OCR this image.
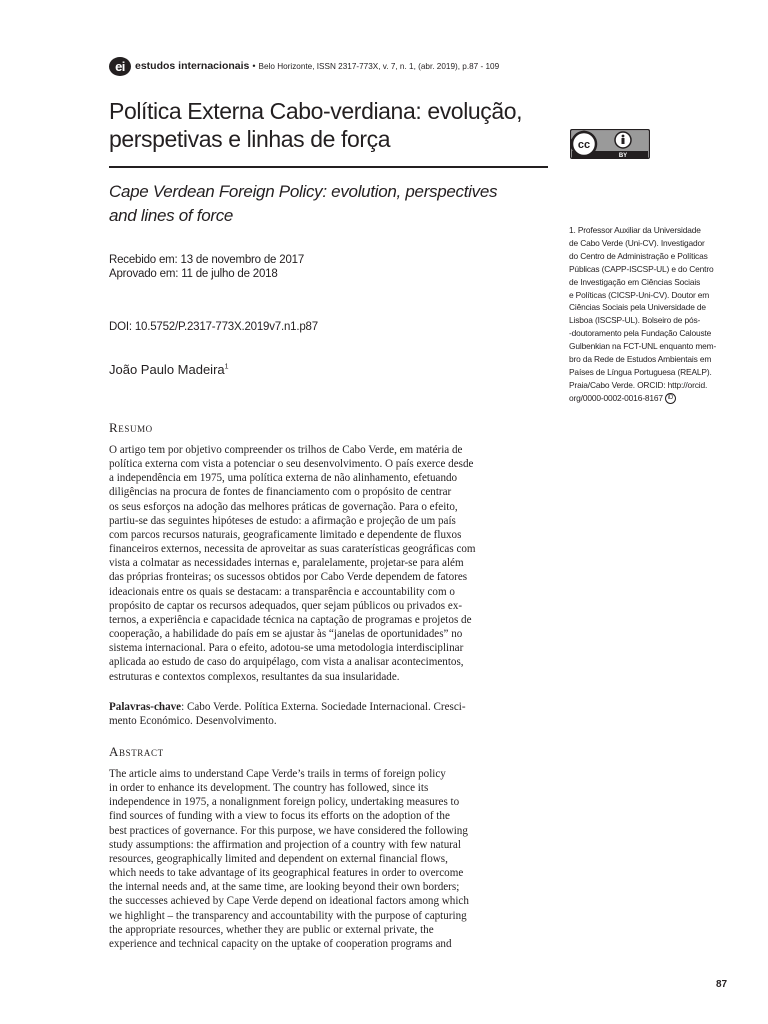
ei estudos internacionais • Belo Horizonte, ISSN 2317-773X, v. 7, n. 1, (abr. 2019), p.87 - 109
Política Externa Cabo-verdiana: evolução,
perspetivas e linhas de força	cc
BY
Cape Verdean Foreign Policy: evolution, perspectives
and lines of force
Recebido em: 13 de novembro de 2017
Aprovado em: 11 de julho de 2018
DOI: 10.5752/P.2317-773X.2019v7.n1.p87
João Paulo Madeira$^1$
1. Professor Auxiliar da Universidade
de Cabo Verde (Uni-CV). Investigador
do Centro de Administração e Políticas
Públicas (CAPP-ISCSP-UL) e do Centro
de Investigação em Ciências Sociais
e Políticas (CICSP-Uni-CV). Doutor em
Ciências Sociais pela Universidade de
Lisboa (ISCSP-UL). Bolseiro de pós-
-doutoramento pela Fundação Calouste
Gulbenkian na FCT-UNL enquanto mem-
bro da Rede de Estudos Ambientais em
Países de Língua Portuguesa (REALP).
Praia/Cabo Verde. ORCID: http://orcid.
org/0000-0002-0016-8167 iD
Resumo
O artigo tem por objetivo compreender os trilhos de Cabo Verde, em matéria de
política externa com vista a potenciar o seu desenvolvimento. O país exerce desde
a independência em 1975, uma política externa de não alinhamento, efetuando
diligências na procura de fontes de financiamento com o propósito de centrar
os seus esforços na adoção das melhores práticas de governação. Para o efeito,
partiu-se das seguintes hipóteses de estudo: a afirmação e projeção de um país
com parcos recursos naturais, geograficamente limitado e dependente de fluxos
financeiros externos, necessita de aproveitar as suas caraterísticas geográficas com
vista a colmatar as necessidades internas e, paralelamente, projetar-se para além
das próprias fronteiras; os sucessos obtidos por Cabo Verde dependem de fatores
ideacionais entre os quais se destacam: a transparência e accountability com o
propósito de captar os recursos adequados, quer sejam públicos ou privados ex-
ternos, a experiência e capacidade técnica na captação de programas e projetos de
cooperação, a habilidade do país em se ajustar às “janelas de oportunidades” no
sistema internacional. Para o efeito, adotou-se uma metodologia interdisciplinar
aplicada ao estudo de caso do arquipélago, com vista a analisar acontecimentos,
estruturas e contextos complexos, resultantes da sua insularidade.
Palavras-chave: Cabo Verde. Política Externa. Sociedade Internacional. Cresci-
mento Económico. Desenvolvimento.
Abstract
The article aims to understand Cape Verde’s trails in terms of foreign policy
in order to enhance its development. The country has followed, since its
independence in 1975, a nonalignment foreign policy, undertaking measures to
find sources of funding with a view to focus its efforts on the adoption of the
best practices of governance. For this purpose, we have considered the following
study assumptions: the affirmation and projection of a country with few natural
resources, geographically limited and dependent on external financial flows,
which needs to take advantage of its geographical features in order to overcome
the internal needs and, at the same time, are looking beyond their own borders;
the successes achieved by Cape Verde depend on ideational factors among which
we highlight – the transparency and accountability with the purpose of capturing
the appropriate resources, whether they are public or external private, the
experience and technical capacity on the uptake of cooperation programs and
87
